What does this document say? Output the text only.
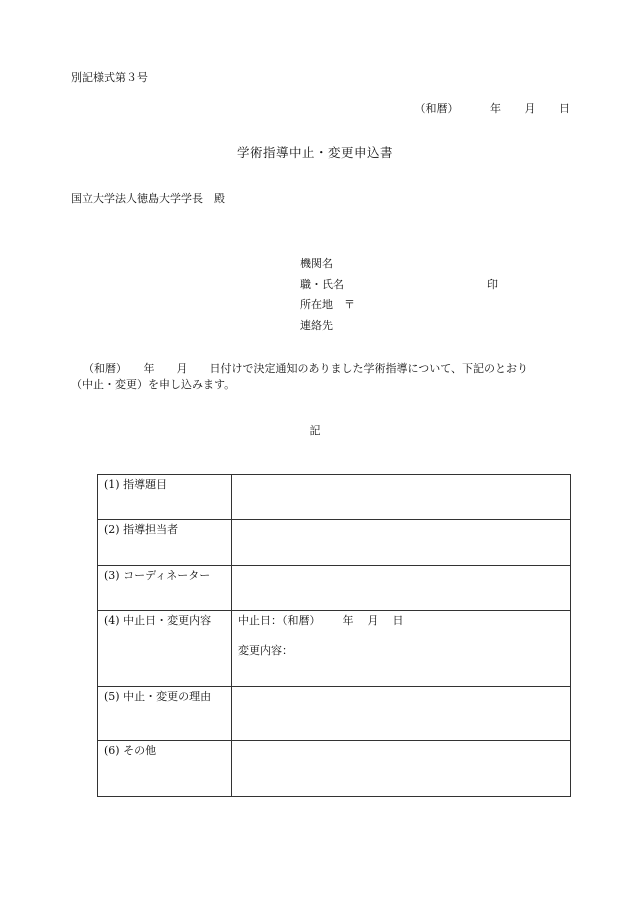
別記様式第３号
（和暦）	年 月 日
学術指導中止・変更申込書
国立大学法人徳島大学学長　殿
機関名
職・氏名	印
所在地　〒
連絡先
（和暦）　　年　　月　　日付けで決定通知のありました学術指導について、下記のとおり
（中止・変更）を申し込みます。
記
(1) 指導題目	
(2) 指導担当者	
(3) コーディネーター	
(4) 中止日・変更内容	中止日：（和暦） 年 月 日
変更内容：

(5) 中止・変更の理由	
(6) その他	
